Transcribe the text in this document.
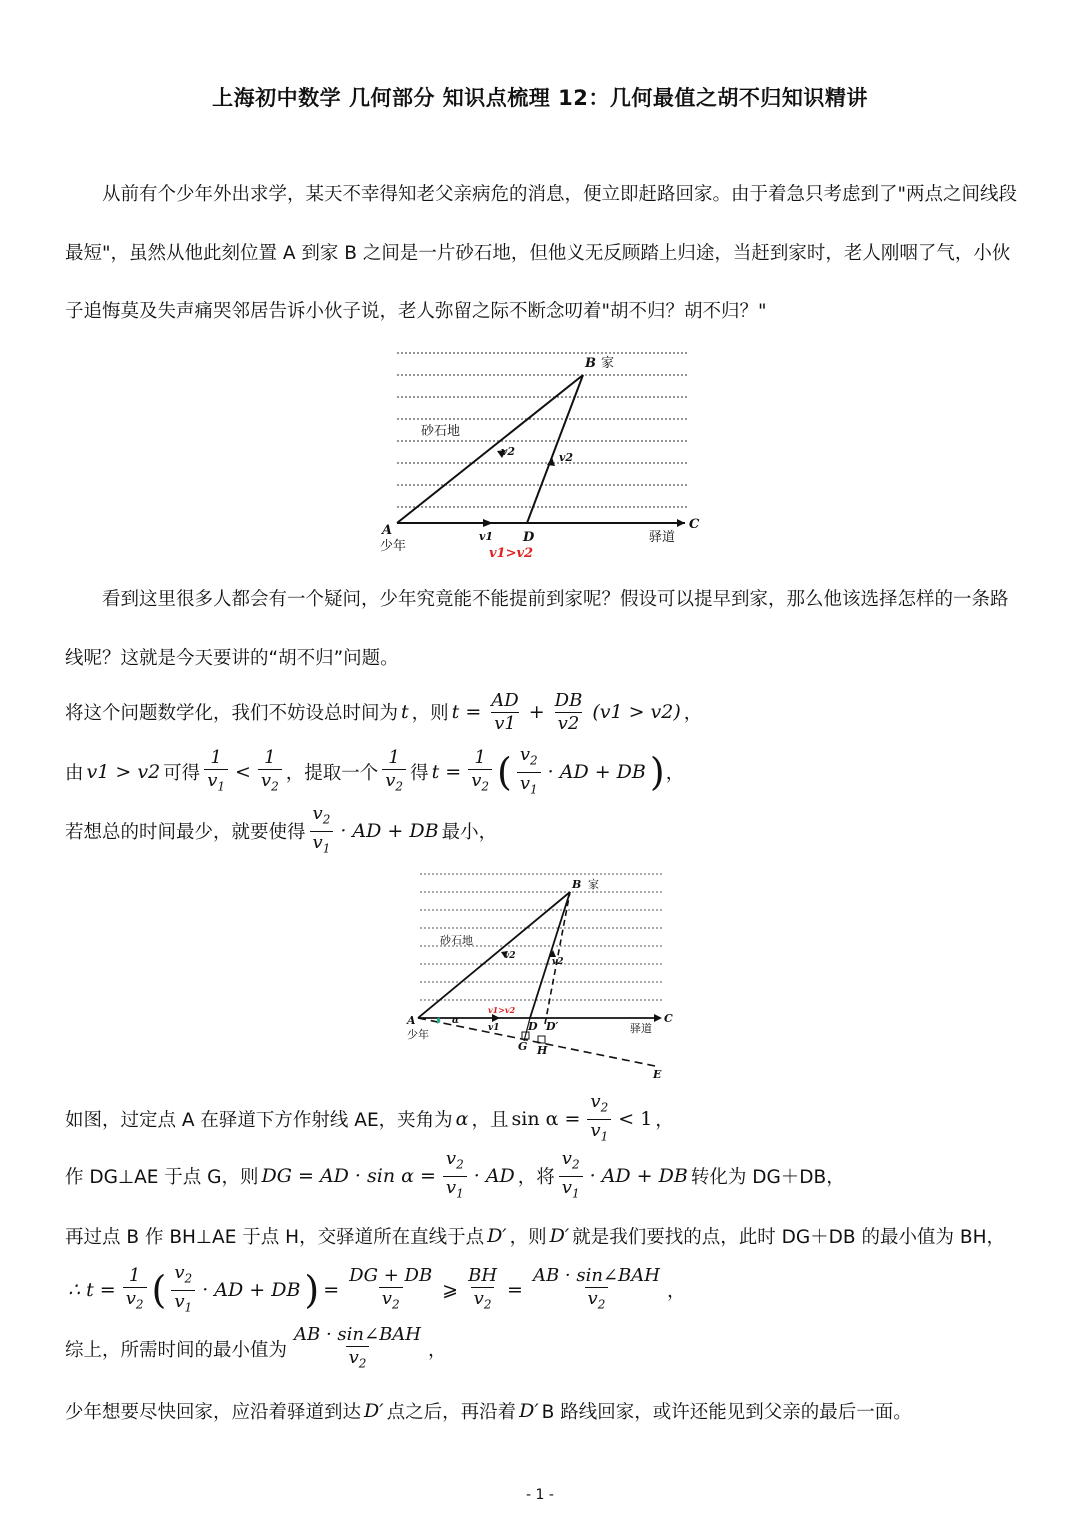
上海初中数学 几何部分 知识点梳理 12：几何最值之胡不归知识精讲
从前有个少年外出求学，某天不幸得知老父亲病危的消息，便立即赶路回家。由于着急只考虑到了"两点之间线段最短"，虽然从他此刻位置 A 到家 B 之间是一片砂石地，但他义无反顾踏上归途，当赶到家时，老人刚咽了气，小伙子追悔莫及失声痛哭邻居告诉小伙子说，老人弥留之际不断念叨着"胡不归？胡不归？"
B
A	D
C
v1
v2	v2
v1>v2
家
砂石地
少年
驿道
看到这里很多人都会有一个疑问，少年究竟能不能提前到家呢？假设可以提早到家，那么他该选择怎样的一条路线呢？这就是今天要讲的“胡不归”问题。
将这个问题数学化，我们不妨设总时间为 t ，则 $t = \frac{AD}{v1} + \frac{DB}{v2} (v1 > v2)$ ，
由 v1 > v2 可得 $\frac{1}{v_1} < \frac{1}{v_2}$ ，提取一个 $\frac{1}{v_2}$ 得 $t = \frac{1}{v_2}$ ( $\frac{v_2}{v_1}$ · AD + DB ) ，
若想总的时间最少，就要使得 $\frac{v_2}{v_1}$ · AD + DB 最小，
B
A	D D′
C
G H
E
v1
v2
v2
α
v1>v2
家
砂石地
少年	驿道
如图，过定点 A 在驿道下方作射线 AE，夹角为 α ，且 $\sin \alpha = \frac{v_2}{v_1} < 1$ ，
作 DG⊥AE 于点 G，则 DG = AD · $\sin \alpha = \frac{v_2}{v_1}$ · AD ，将 $\frac{v_2}{v_1}$ · AD + DB 转化为 DG＋DB，
再过点 B 作 BH⊥AE 于点 H，交驿道所在直线于点 D′ ，则 D′ 就是我们要找的点，此时 DG＋DB 的最小值为 BH，
∴ $t = \frac{1}{v_2}$ ( $\frac{v_2}{v_1}$ · AD + DB ) = $\frac{DG + DB}{v_2}$ ⩾ $\frac{BH}{v_2} = \frac{\text{AB · sin∠BAH}}{v_2}$ ，
综上，所需时间的最小值为 $\frac{\text{AB · sin∠BAH}}{v_2}$ ，
少年想要尽快回家，应沿着驿道到达 D′ 点之后，再沿着 D′ B 路线回家，或许还能见到父亲的最后一面。
- 1 -
